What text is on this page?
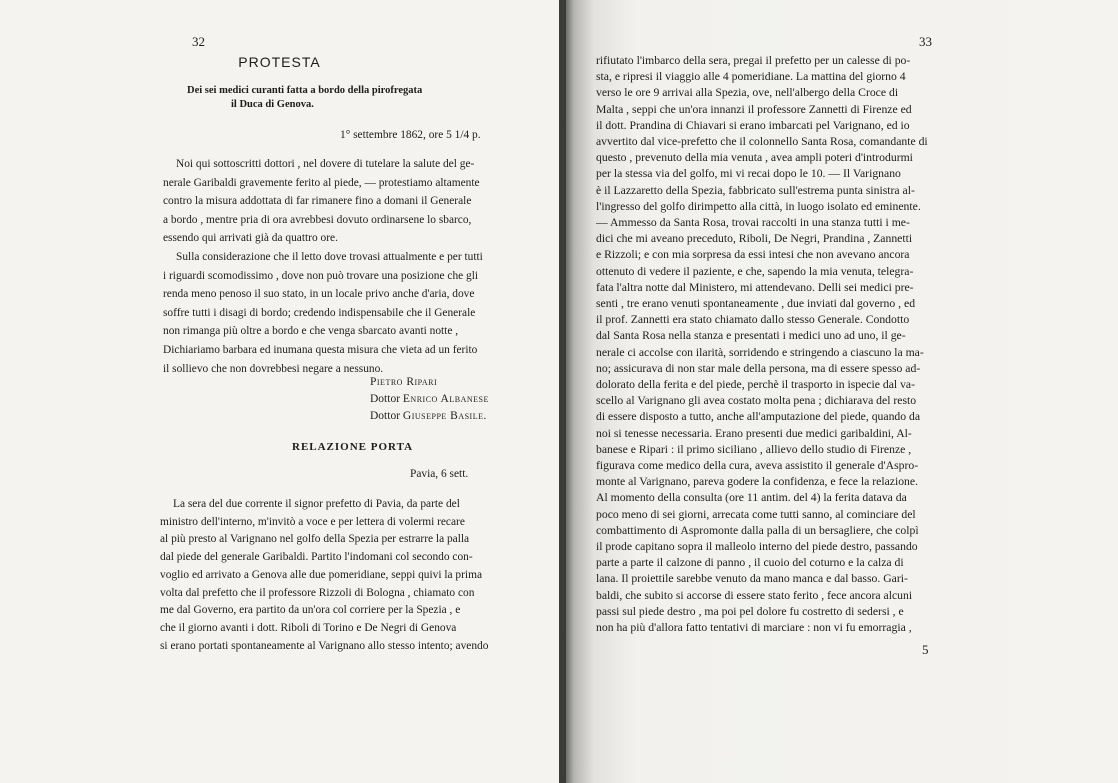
32
PROTESTA
Dei sei medici curanti fatta a bordo della pirofregata
il Duca di Genova.
1° settembre 1862, ore 5 1/4 p.
Pietro Ripari
Dottor Enrico Albanese
Dottor Giuseppe Basile.
RELAZIONE PORTA
Pavia, 6 sett.
Noi qui sottoscritti dottori , nel dovere di tutelare la salute del ge-
nerale Garibaldi gravemente ferito al piede, — protestiamo altamente
contro la misura addottata di far rimanere fino a domani il Generale
a bordo , mentre pria di ora avrebbesi dovuto ordinarsene lo sbarco,
essendo qui arrivati già da quattro ore.
Sulla considerazione che il letto dove trovasi attualmente e per tutti
i riguardi scomodissimo , dove non può trovare una posizione che gli
renda meno penoso il suo stato, in un locale privo anche d'aria, dove
soffre tutti i disagi di bordo; credendo indispensabile che il Generale
non rimanga più oltre a bordo e che venga sbarcato avanti notte ,
Dichiariamo barbara ed inumana questa misura che vieta ad un ferito
il sollievo che non dovrebbesi negare a nessuno.
La sera del due corrente il signor prefetto di Pavia, da parte del
ministro dell'interno, m'invitò a voce e per lettera di volermi recare
al più presto al Varignano nel golfo della Spezia per estrarre la palla
dal piede del generale Garibaldi. Partito l'indomani col secondo con-
voglio ed arrivato a Genova alle due pomeridiane, seppi quivi la prima
volta dal prefetto che il professore Rizzoli di Bologna , chiamato con
me dal Governo, era partito da un'ora col corriere per la Spezia , e
che il giorno avanti i dott. Riboli di Torino e De Negri di Genova
si erano portati spontaneamente al Varignano allo stesso intento; avendo
33
5
rifiutato l'imbarco della sera, pregai il prefetto per un calesse di po-
sta, e ripresi il viaggio alle 4 pomeridiane. La mattina del giorno 4
verso le ore 9 arrivai alla Spezia, ove, nell'albergo della Croce di
Malta , seppi che un'ora innanzi il professore Zannetti di Firenze ed
il dott. Prandina di Chiavari si erano imbarcati pel Varignano, ed io
avvertito dal vice-prefetto che il colonnello Santa Rosa, comandante di
questo , prevenuto della mia venuta , avea ampli poteri d'introdurmi
per la stessa via del golfo, mi vi recai dopo le 10. — Il Varignano
è il Lazzaretto della Spezia, fabbricato sull'estrema punta sinistra al-
l'ingresso del golfo dirimpetto alla città, in luogo isolato ed eminente.
— Ammesso da Santa Rosa, trovai raccolti in una stanza tutti i me-
dici che mi aveano preceduto, Riboli, De Negri, Prandina , Zannetti
e Rizzoli; e con mia sorpresa da essi intesi che non avevano ancora
ottenuto di vedere il paziente, e che, sapendo la mia venuta, telegra-
fata l'altra notte dal Ministero, mi attendevano. Delli sei medici pre-
senti , tre erano venuti spontaneamente , due inviati dal governo , ed
il prof. Zannetti era stato chiamato dallo stesso Generale. Condotto
dal Santa Rosa nella stanza e presentati i medici uno ad uno, il ge-
nerale ci accolse con ilarità, sorridendo e stringendo a ciascuno la ma-
no; assicurava di non star male della persona, ma di essere spesso ad-
dolorato della ferita e del piede, perchè il trasporto in ispecie dal va-
scello al Varignano gli avea costato molta pena ; dichiarava del resto
di essere disposto a tutto, anche all'amputazione del piede, quando da
noi si tenesse necessaria. Erano presenti due medici garibaldini, Al-
banese e Ripari : il primo siciliano , allievo dello studio di Firenze ,
figurava come medico della cura, aveva assistito il generale d'Aspro-
monte al Varignano, pareva godere la confidenza, e fece la relazione.
Al momento della consulta (ore 11 antim. del 4) la ferita datava da
poco meno di sei giorni, arrecata come tutti sanno, al cominciare del
combattimento di Aspromonte dalla palla di un bersagliere, che colpì
il prode capitano sopra il malleolo interno del piede destro, passando
parte a parte il calzone di panno , il cuoio del coturno e la calza di
lana. Il proiettile sarebbe venuto da mano manca e dal basso. Gari-
baldi, che subito si accorse di essere stato ferito , fece ancora alcuni
passi sul piede destro , ma poi pel dolore fu costretto di sedersi , e
non ha più d'allora fatto tentativi di marciare : non vi fu emorragia ,
